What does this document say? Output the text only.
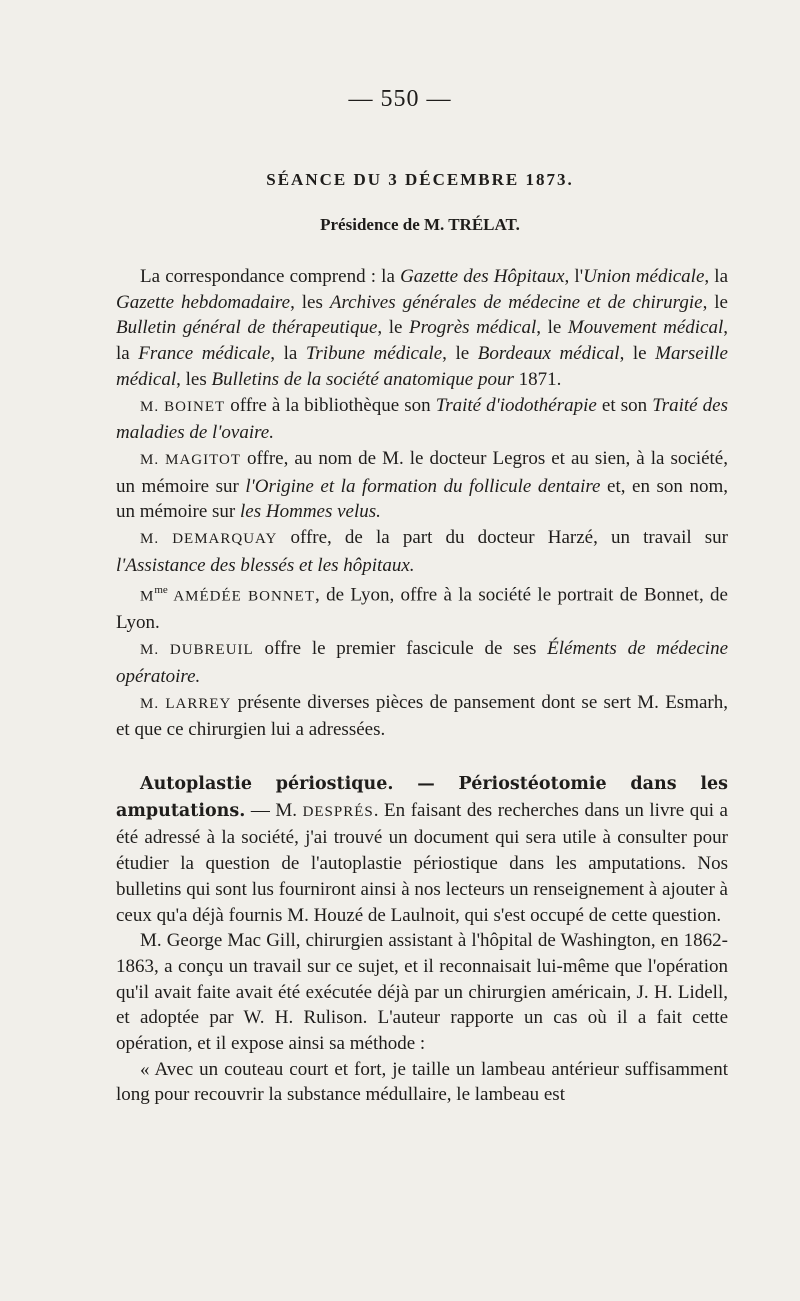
— 550 —
SÉANCE DU 3 DÉCEMBRE 1873.
Présidence de M. TRÉLAT.

La correspondance comprend : la Gazette des Hôpitaux, l'Union médicale, la Gazette hebdomadaire, les Archives générales de médecine et de chirurgie, le Bulletin général de thérapeutique, le Progrès médical, le Mouvement médical, la France médicale, la Tribune médicale, le Bordeaux médical, le Marseille médical, les Bulletins de la société anatomique pour 1871.

M. BOINET offre à la bibliothèque son Traité d'iodothérapie et son Traité des maladies de l'ovaire.

M. MAGITOT offre, au nom de M. le docteur Legros et au sien, à la société, un mémoire sur l'Origine et la formation du follicule dentaire et, en son nom, un mémoire sur les Hommes velus.

M. DEMARQUAY offre, de la part du docteur Harzé, un travail sur l'Assistance des blessés et les hôpitaux.

$M^{me}$ AMÉDÉE BONNET, de Lyon, offre à la société le portrait de Bonnet, de Lyon.

M. DUBREUIL offre le premier fascicule de ses Éléments de médecine opératoire.

M. LARREY présente diverses pièces de pansement dont se sert M. Esmarh, et que ce chirurgien lui a adressées.

Autoplastie périostique. — Périostéotomie dans les amputations. — M. DESPRÉS. En faisant des recherches dans un livre qui a été adressé à la société, j'ai trouvé un document qui sera utile à consulter pour étudier la question de l'autoplastie périostique dans les amputations. Nos bulletins qui sont lus fourniront ainsi à nos lecteurs un renseignement à ajouter à ceux qu'a déjà fournis M. Houzé de Laulnoit, qui s'est occupé de cette question.

M. George Mac Gill, chirurgien assistant à l'hôpital de Washington, en 1862-1863, a conçu un travail sur ce sujet, et il reconnaisait lui-même que l'opération qu'il avait faite avait été exécutée déjà par un chirurgien américain, J. H. Lidell, et adoptée par W. H. Rulison. L'auteur rapporte un cas où il a fait cette opération, et il expose ainsi sa méthode :

« Avec un couteau court et fort, je taille un lambeau antérieur suffisamment long pour recouvrir la substance médullaire, le lambeau est
